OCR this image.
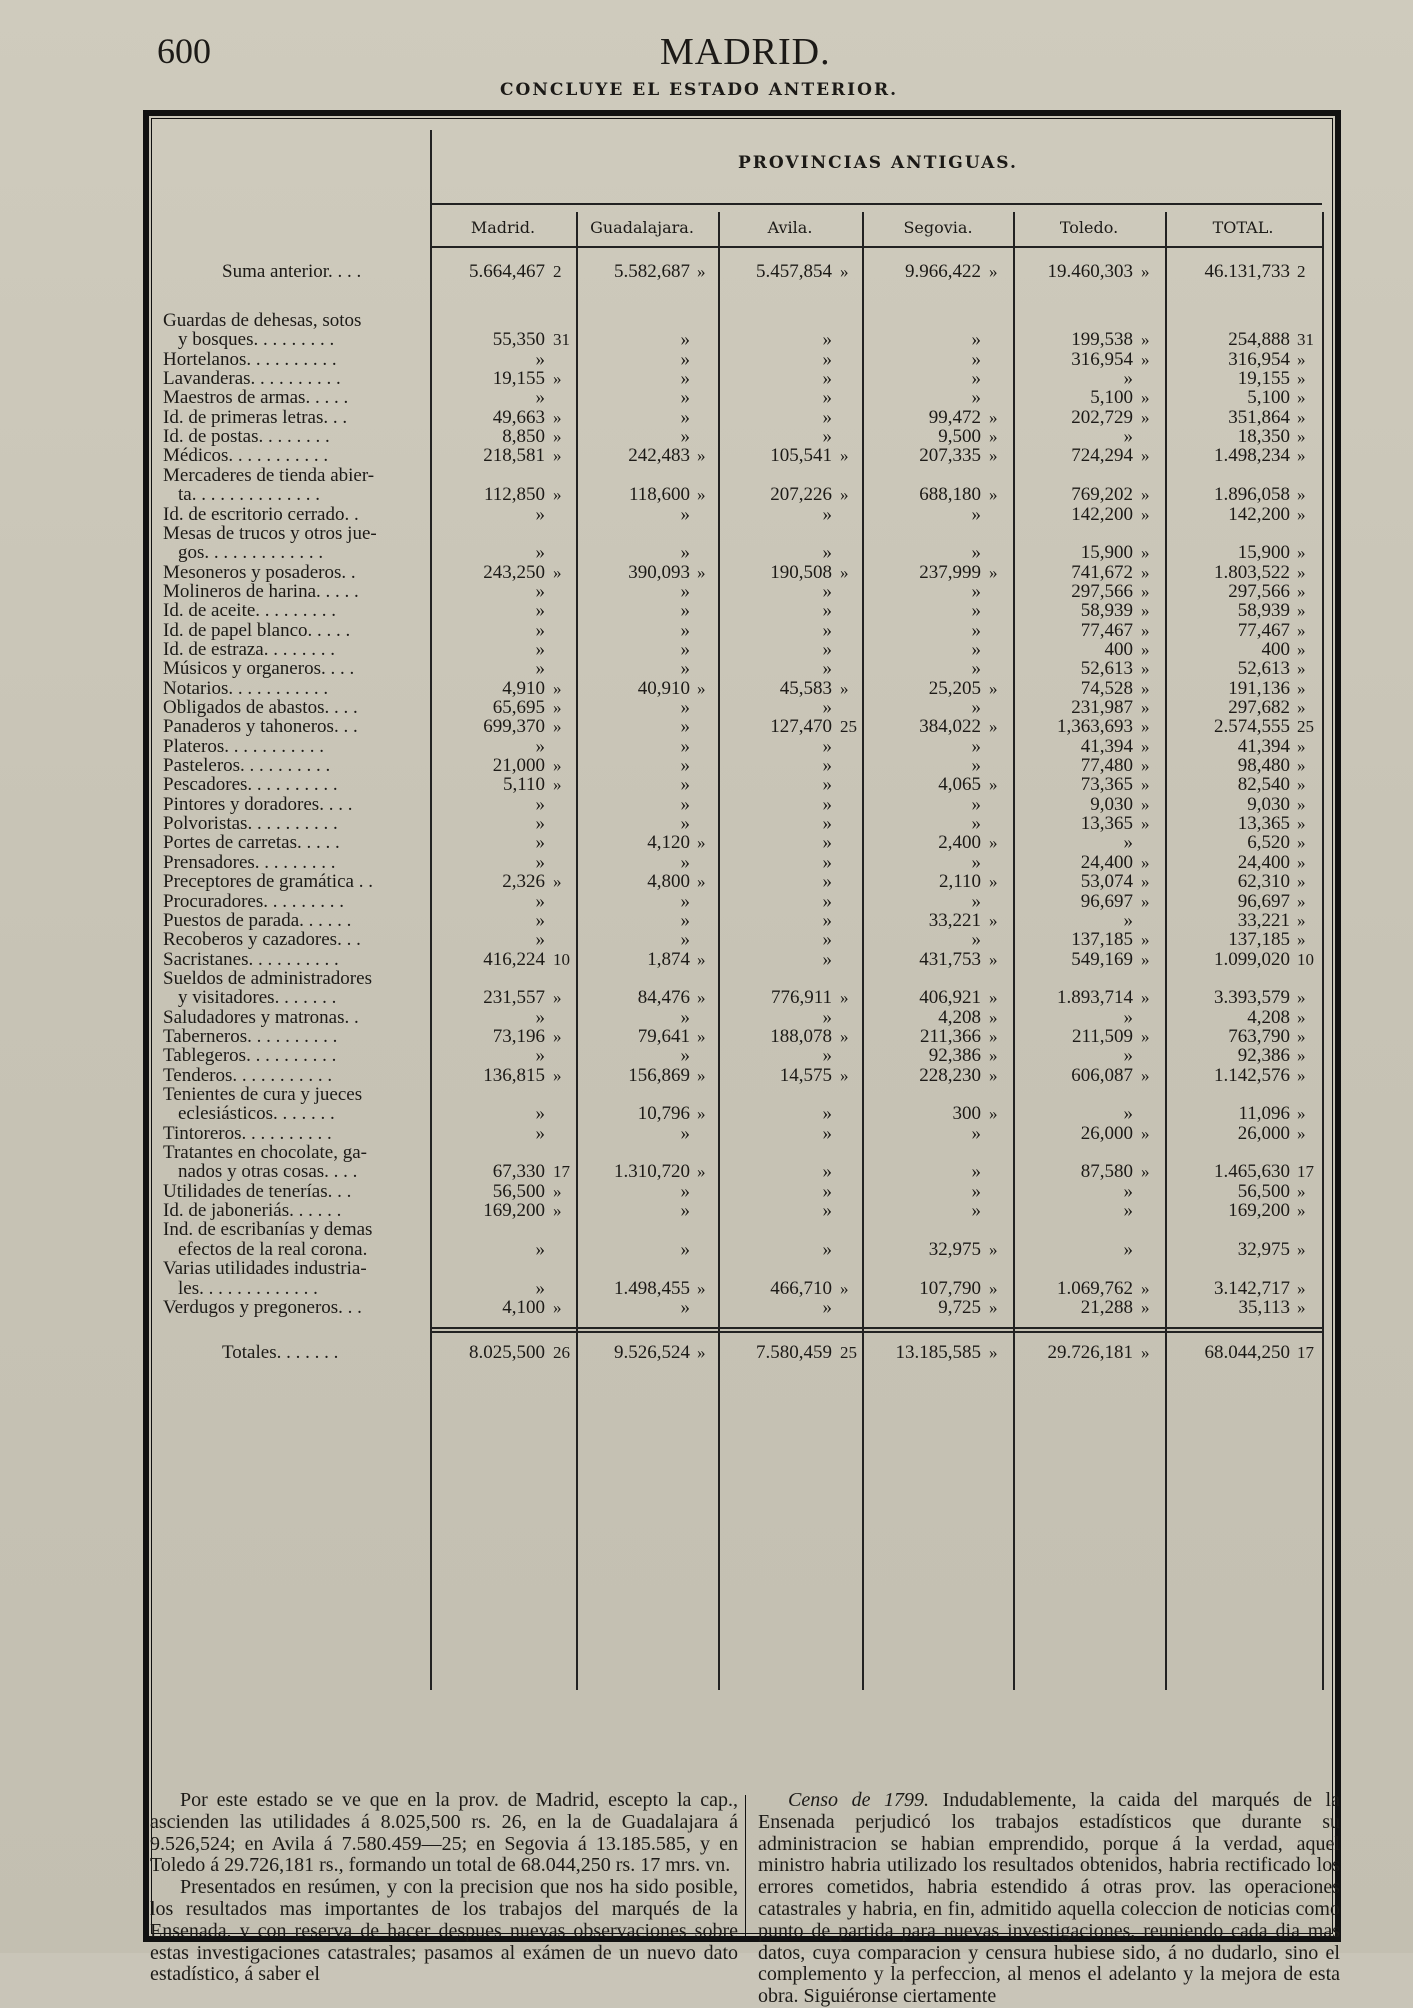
600	MADRID.
CONCLUYE EL ESTADO ANTERIOR.
PROVINCIAS ANTIGUAS.
Madrid.	Guadalajara.	Avila.	Segovia.	Toledo.	TOTAL.
Suma anterior. . . .	5.664,467 2	5.582,687 »	5.457,854 »	9.966,422 »	19.460,303 »	46.131,733 2
Guardas de dehesas, sotos
y bosques. . . . . . . . .	55,350 31	»	»	»	199,538 »	254,888 31
Hortelanos. . . . . . . . . .	»	»	»	»	316,954 »	316,954 »
Lavanderas. . . . . . . . . .	19,155 »	»	»	»	»	19,155 »
Maestros de armas. . . . .	»	»	»	»	5,100 »	5,100 »
Id. de primeras letras. . .	49,663 »	»	»	99,472 »	202,729 »	351,864 »
Id. de postas. . . . . . . .	8,850 »	»	»	9,500 »	»	18,350 »
Médicos. . . . . . . . . . .	218,581 »	242,483 »	105,541 »	207,335 »	724,294 »	1.498,234 »
Mercaderes de tienda abier-
ta. . . . . . . . . . . . . .	112,850 »	118,600 »	207,226 »	688,180 »	769,202 »	1.896,058 »
Id. de escritorio cerrado. .	»	»	»	»	142,200 »	142,200 »
Mesas de trucos y otros jue-
gos. . . . . . . . . . . . .	»	»	»	»	15,900 »	15,900 »
Mesoneros y posaderos. .	243,250 »	390,093 »	190,508 »	237,999 »	741,672 »	1.803,522 »
Molineros de harina. . . . .	»	»	»	»	297,566 »	297,566 »
Id. de aceite. . . . . . . . .	»	»	»	»	58,939 »	58,939 »
Id. de papel blanco. . . . .	»	»	»	»	77,467 »	77,467 »
Id. de estraza. . . . . . . .	»	»	»	»	400 »	400 »
Músicos y organeros. . . .	»	»	»	»	52,613 »	52,613 »
Notarios. . . . . . . . . . .	4,910 »	40,910 »	45,583 »	25,205 »	74,528 »	191,136 »
Obligados de abastos. . . .	65,695 »	»	»	»	231,987 »	297,682 »
Panaderos y tahoneros. . .	699,370 »	»	127,470 25	384,022 »	1,363,693 »	2.574,555 25
Plateros. . . . . . . . . . .	»	»	»	»	41,394 »	41,394 »
Pasteleros. . . . . . . . . .	21,000 »	»	»	»	77,480 »	98,480 »
Pescadores. . . . . . . . . .	5,110 »	»	»	4,065 »	73,365 »	82,540 »
Pintores y doradores. . . .	»	»	»	»	9,030 »	9,030 »
Polvoristas. . . . . . . . . .	»	»	»	»	13,365 »	13,365 »
Portes de carretas. . . . .	»	4,120 »	»	2,400 »	»	6,520 »
Prensadores. . . . . . . . .	»	»	»	»	24,400 »	24,400 »
Preceptores de gramática . .	2,326 »	4,800 »	»	2,110 »	53,074 »	62,310 »
Procuradores. . . . . . . . .	»	»	»	»	96,697 »	96,697 »
Puestos de parada. . . . . .	»	»	»	33,221 »	»	33,221 »
Recoberos y cazadores. . .	»	»	»	»	137,185 »	137,185 »
Sacristanes. . . . . . . . . .	416,224 10	1,874 »	»	431,753 »	549,169 »	1.099,020 10
Sueldos de administradores
y visitadores. . . . . . .	231,557 »	84,476 »	776,911 »	406,921 »	1.893,714 »	3.393,579 »
Saludadores y matronas. .	»	»	»	4,208 »	»	4,208 »
Taberneros. . . . . . . . . .	73,196 »	79,641 »	188,078 »	211,366 »	211,509 »	763,790 »
Tablegeros. . . . . . . . . .	»	»	»	92,386 »	»	92,386 »
Tenderos. . . . . . . . . . .	136,815 »	156,869 »	14,575 »	228,230 »	606,087 »	1.142,576 »
Tenientes de cura y jueces
eclesiásticos. . . . . . .	»	10,796 »	»	300 »	»	11,096 »
Tintoreros. . . . . . . . . .	»	»	»	»	26,000 »	26,000 »
Tratantes en chocolate, ga-
nados y otras cosas. . . .	67,330 17	1.310,720 »	»	»	87,580 »	1.465,630 17
Utilidades de tenerías. . .	56,500 »	»	»	»	»	56,500 »
Id. de jaboneriás. . . . . .	169,200 »	»	»	»	»	169,200 »
Ind. de escribanías y demas
efectos de la real corona.	»	»	»	32,975 »	»	32,975 »
Varias utilidades industria-
les. . . . . . . . . . . . .	»	1.498,455 »	466,710 »	107,790 »	1.069,762 »	3.142,717 »
Verdugos y pregoneros. . .	4,100 »	»	»	9,725 »	21,288 »	35,113 »
Totales. . . . . . .	8.025,500 26	9.526,524 »	7.580,459 25	13.185,585 »	29.726,181 »	68.044,250 17

Por este estado se ve que en la prov. de Madrid, escepto la cap., ascienden las utilidades á 8.025,500 rs. 26, en la de Guadalajara á 9.526,524; en Avila á 7.580.459—25; en Segovia á 13.185.585, y en Toledo á 29.726,181 rs., formando un total de 68.044,250 rs. 17 mrs. vn.

Presentados en resúmen, y con la precision que nos ha sido posible, los resultados mas importantes de los trabajos del marqués de la Ensenada, y con reserva de hacer despues nuevas observaciones sobre estas investigaciones catastrales; pasamos al exámen de un nuevo dato estadístico, á saber el

Censo de 1799. Indudablemente, la caida del marqués de la Ensenada perjudicó los trabajos estadísticos que durante su administracion se habian emprendido, porque á la verdad, aquel ministro habria utilizado los resultados obtenidos, habria rectificado los errores cometidos, habria estendido á otras prov. las operaciones catastrales y habria, en fin, admitido aquella coleccion de noticias como punto de partida para nuevas investigaciones, reuniendo cada dia mas datos, cuya comparacion y censura hubiese sido, á no dudarlo, sino el complemento y la perfeccion, al menos el adelanto y la mejora de esta obra. Siguiéronse ciertamente
